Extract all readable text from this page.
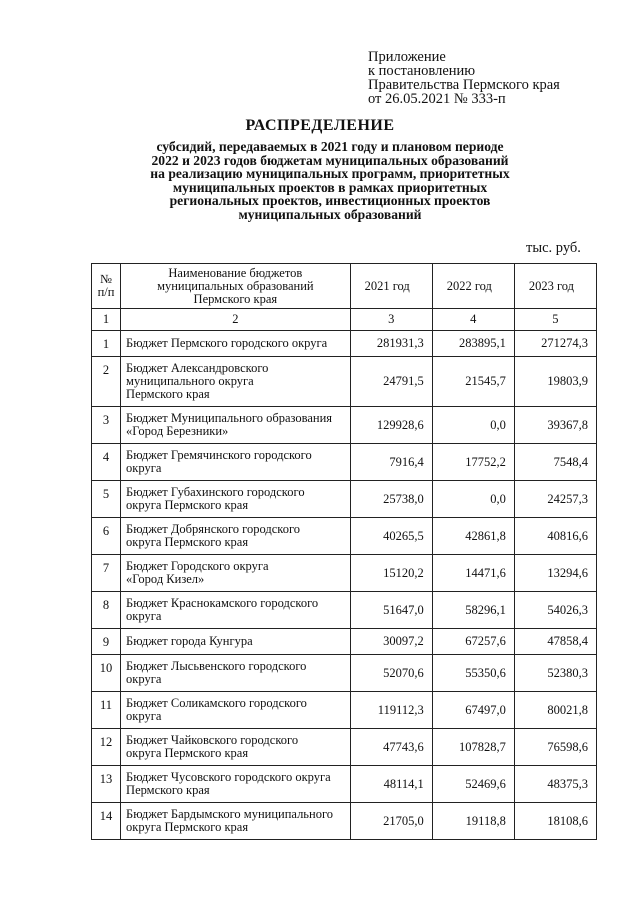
Приложение
к постановлению
Правительства Пермского края
от 26.05.2021 № 333-п
РАСПРЕДЕЛЕНИЕ
субсидий, передаваемых в 2021 году и плановом периоде
2022 и 2023 годов бюджетам муниципальных образований
на реализацию муниципальных программ, приоритетных
муниципальных проектов в рамках приоритетных
региональных проектов, инвестиционных проектов
муниципальных образований
тыс. руб.
№
п/п	Наименование бюджетов
муниципальных образований
Пермского края	2021 год	2022 год	2023 год
1	2	3	4	5
1	Бюджет Пермского городского округа	281931,3	283895,1	271274,3
2	Бюджет Александровского
муниципального округа
Пермского края	24791,5	21545,7	19803,9
3	Бюджет Муниципального образования
«Город Березники»	129928,6	0,0	39367,8
4	Бюджет Гремячинского городского
округа	7916,4	17752,2	7548,4
5	Бюджет Губахинского городского
округа Пермского края	25738,0	0,0	24257,3
6	Бюджет Добрянского городского
округа Пермского края	40265,5	42861,8	40816,6
7	Бюджет Городского округа
«Город Кизел»	15120,2	14471,6	13294,6
8	Бюджет Краснокамского городского
округа	51647,0	58296,1	54026,3
9	Бюджет города Кунгура	30097,2	67257,6	47858,4
10	Бюджет Лысьвенского городского
округа	52070,6	55350,6	52380,3
11	Бюджет Соликамского городского
округа	119112,3	67497,0	80021,8
12	Бюджет Чайковского городского
округа Пермского края	47743,6	107828,7	76598,6
13	Бюджет Чусовского городского округа
Пермского края	48114,1	52469,6	48375,3
14	Бюджет Бардымского муниципального
округа Пермского края	21705,0	19118,8	18108,6
